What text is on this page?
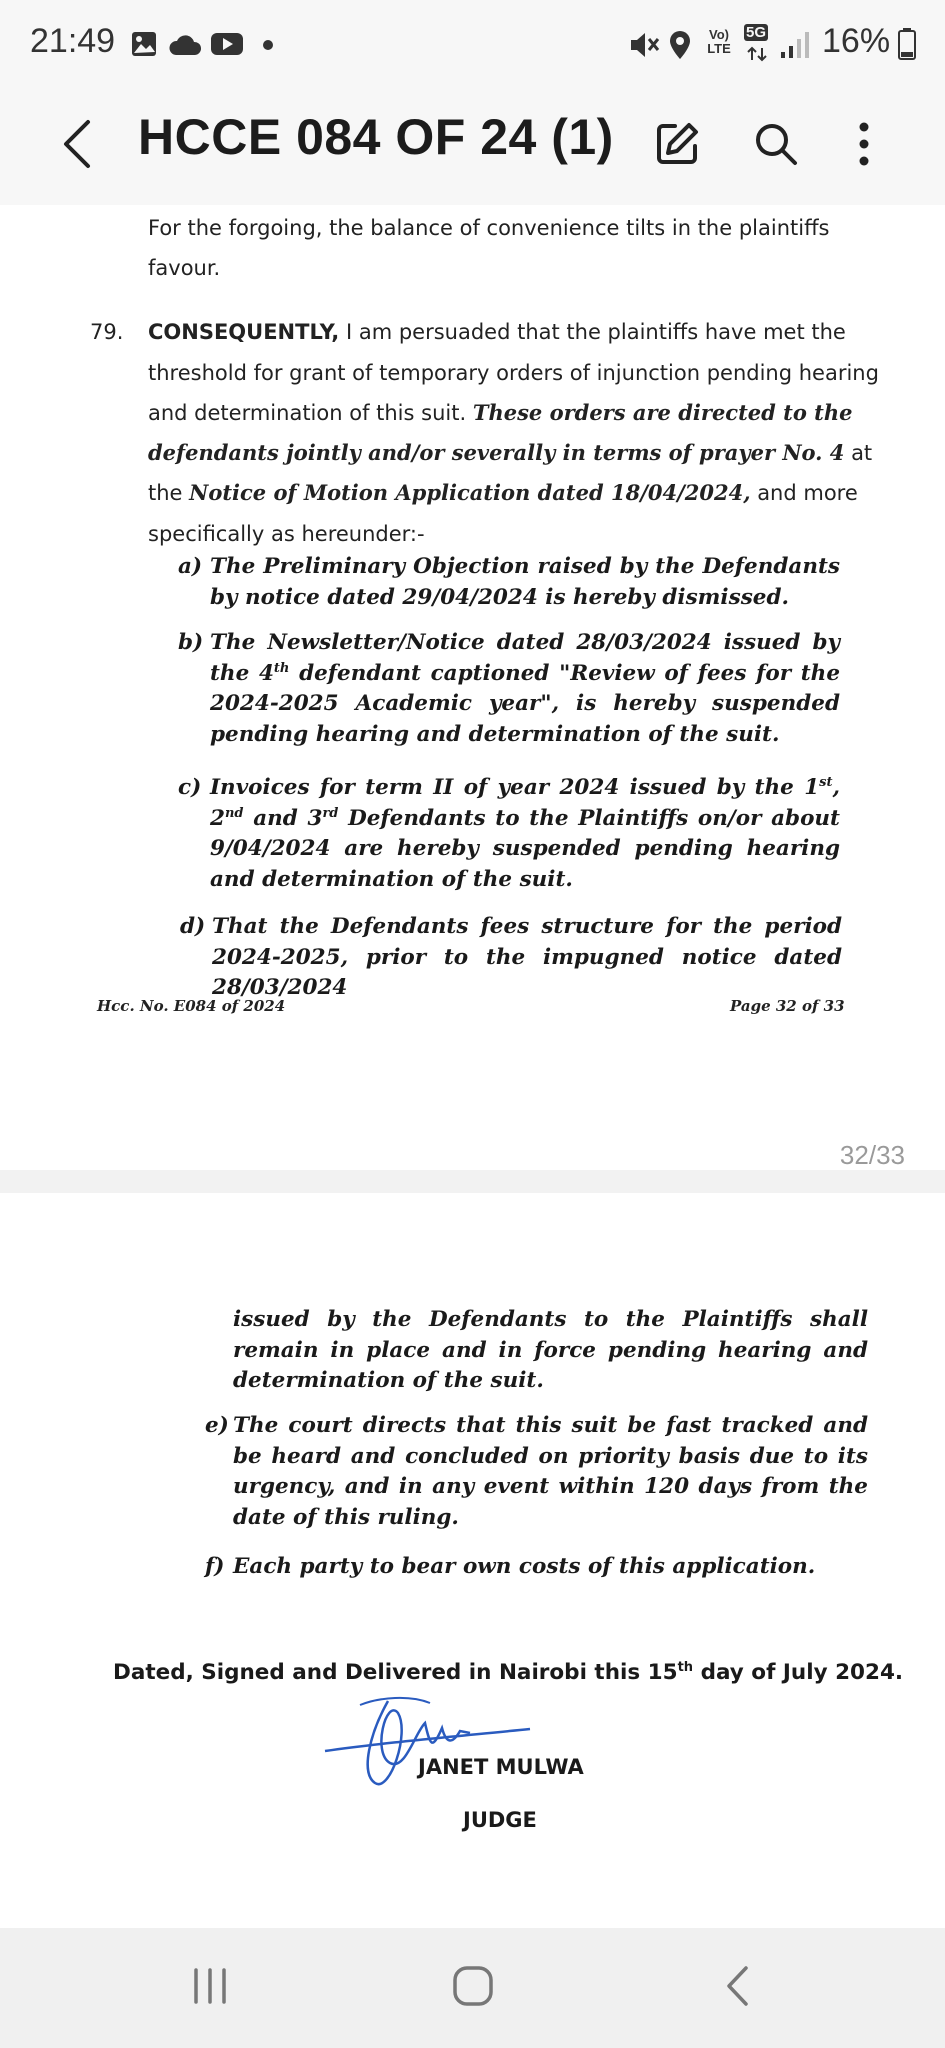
21:49	Vo) LTE
5G 16%
HCCE 084 OF 24 (1)
For the forgoing, the balance of convenience tilts in the plaintiffs
favour.
79. CONSEQUENTLY, I am persuaded that the plaintiffs have met the
threshold for grant of temporary orders of injunction pending hearing
and determination of this suit. These orders are directed to the
defendants jointly and/or severally in terms of prayer No. 4 at
the Notice of Motion Application dated 18/04/2024, and more
specifically as hereunder:-
a) The Preliminary Objection raised by the Defendants by notice dated 29/04/2024 is hereby dismissed.
b) The Newsletter/Notice dated 28/03/2024 issued by the 4th defendant captioned "Review of fees for the 2024-2025 Academic year", is hereby suspended pending hearing and determination of the suit.
c) Invoices for term II of year 2024 issued by the 1st, 2nd and 3rd Defendants to the Plaintiffs on/or about 9/04/2024 are hereby suspended pending hearing and determination of the suit.
d) That the Defendants fees structure for the period 2024-2025, prior to the impugned notice dated 28/03/2024
Hcc. No. E084 of 2024	Page 32 of 33
32/33
issued by the Defendants to the Plaintiffs shall remain in place and in force pending hearing and determination of the suit.
e) The court directs that this suit be fast tracked and be heard and concluded on priority basis due to its urgency, and in any event within 120 days from the date of this ruling.
f) Each party to bear own costs of this application.
Dated, Signed and Delivered in Nairobi this 15th day of July 2024.
JANET MULWA
JUDGE
